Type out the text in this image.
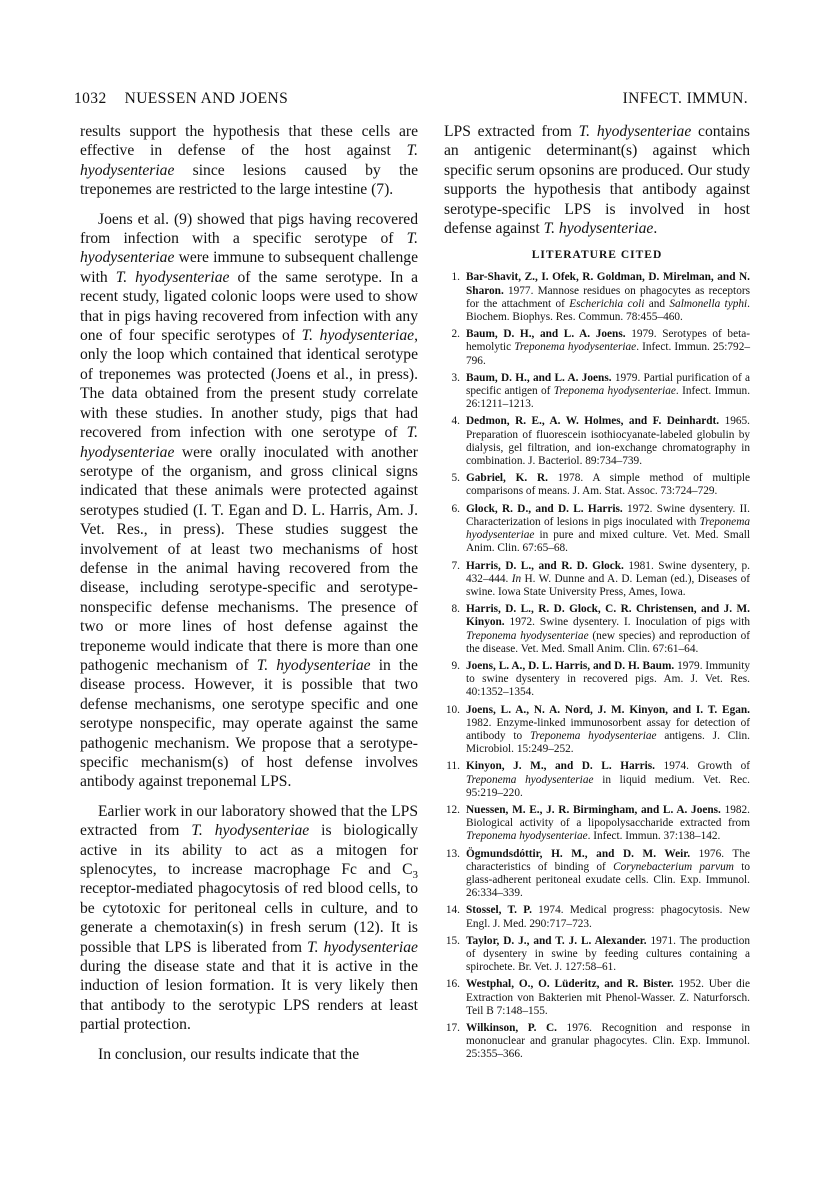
1032 NUESSEN AND JOENS	INFECT. IMMUN.

results support the hypothesis that these cells are effective in defense of the host against T. hyodysenteriae since lesions caused by the treponemes are restricted to the large intestine (7).

Joens et al. (9) showed that pigs having recovered from infection with a specific serotype of T. hyodysenteriae were immune to subsequent challenge with T. hyodysenteriae of the same serotype. In a recent study, ligated colonic loops were used to show that in pigs having recovered from infection with any one of four specific serotypes of T. hyodysenteriae, only the loop which contained that identical serotype of treponemes was protected (Joens et al., in press). The data obtained from the present study correlate with these studies. In another study, pigs that had recovered from infection with one serotype of T. hyodysenteriae were orally inoculated with another serotype of the organism, and gross clinical signs indicated that these animals were protected against serotypes studied (I. T. Egan and D. L. Harris, Am. J. Vet. Res., in press). These studies suggest the involvement of at least two mechanisms of host defense in the animal having recovered from the disease, including serotype-specific and serotype-nonspecific defense mechanisms. The presence of two or more lines of host defense against the treponeme would indicate that there is more than one pathogenic mechanism of T. hyodysenteriae in the disease process. However, it is possible that two defense mechanisms, one serotype specific and one serotype nonspecific, may operate against the same pathogenic mechanism. We propose that a serotype-specific mechanism(s) of host defense involves antibody against treponemal LPS.

Earlier work in our laboratory showed that the LPS extracted from T. hyodysenteriae is biologically active in its ability to act as a mitogen for splenocytes, to increase macrophage Fc and $C_3$ receptor-mediated phagocytosis of red blood cells, to be cytotoxic for peritoneal cells in culture, and to generate a chemotaxin(s) in fresh serum (12). It is possible that LPS is liberated from T. hyodysenteriae during the disease state and that it is active in the induction of lesion formation. It is very likely then that antibody to the serotypic LPS renders at least partial protection.

In conclusion, our results indicate that the

LPS extracted from T. hyodysenteriae contains an antigenic determinant(s) against which specific serum opsonins are produced. Our study supports the hypothesis that antibody against serotype-specific LPS is involved in host defense against T. hyodysenteriae.

LITERATURE CITED
1. Bar-Shavit, Z., I. Ofek, R. Goldman, D. Mirelman, and N. Sharon. 1977. Mannose residues on phagocytes as receptors for the attachment of Escherichia coli and Salmonella typhi. Biochem. Biophys. Res. Commun. 78:455–460.
2. Baum, D. H., and L. A. Joens. 1979. Serotypes of beta-hemolytic Treponema hyodysenteriae. Infect. Immun. 25:792–796.
3. Baum, D. H., and L. A. Joens. 1979. Partial purification of a specific antigen of Treponema hyodysenteriae. Infect. Immun. 26:1211–1213.
4. Dedmon, R. E., A. W. Holmes, and F. Deinhardt. 1965. Preparation of fluorescein isothiocyanate-labeled globulin by dialysis, gel filtration, and ion-exchange chromatography in combination. J. Bacteriol. 89:734–739.
5. Gabriel, K. R. 1978. A simple method of multiple comparisons of means. J. Am. Stat. Assoc. 73:724–729.
6. Glock, R. D., and D. L. Harris. 1972. Swine dysentery. II. Characterization of lesions in pigs inoculated with Treponema hyodysenteriae in pure and mixed culture. Vet. Med. Small Anim. Clin. 67:65–68.
7. Harris, D. L., and R. D. Glock. 1981. Swine dysentery, p. 432–444. In H. W. Dunne and A. D. Leman (ed.), Diseases of swine. Iowa State University Press, Ames, Iowa.
8. Harris, D. L., R. D. Glock, C. R. Christensen, and J. M. Kinyon. 1972. Swine dysentery. I. Inoculation of pigs with Treponema hyodysenteriae (new species) and reproduction of the disease. Vet. Med. Small Anim. Clin. 67:61–64.
9. Joens, L. A., D. L. Harris, and D. H. Baum. 1979. Immunity to swine dysentery in recovered pigs. Am. J. Vet. Res. 40:1352–1354.
10. Joens, L. A., N. A. Nord, J. M. Kinyon, and I. T. Egan. 1982. Enzyme-linked immunosorbent assay for detection of antibody to Treponema hyodysenteriae antigens. J. Clin. Microbiol. 15:249–252.
11. Kinyon, J. M., and D. L. Harris. 1974. Growth of Treponema hyodysenteriae in liquid medium. Vet. Rec. 95:219–220.
12. Nuessen, M. E., J. R. Birmingham, and L. A. Joens. 1982. Biological activity of a lipopolysaccharide extracted from Treponema hyodysenteriae. Infect. Immun. 37:138–142.
13. Ögmundsdóttir, H. M., and D. M. Weir. 1976. The characteristics of binding of Corynebacterium parvum to glass-adherent peritoneal exudate cells. Clin. Exp. Immunol. 26:334–339.
14. Stossel, T. P. 1974. Medical progress: phagocytosis. New Engl. J. Med. 290:717–723.
15. Taylor, D. J., and T. J. L. Alexander. 1971. The production of dysentery in swine by feeding cultures containing a spirochete. Br. Vet. J. 127:58–61.
16. Westphal, O., O. Lüderitz, and R. Bister. 1952. Uber die Extraction von Bakterien mit Phenol-Wasser. Z. Naturforsch. Teil B 7:148–155.
17. Wilkinson, P. C. 1976. Recognition and response in mononuclear and granular phagocytes. Clin. Exp. Immunol. 25:355–366.
